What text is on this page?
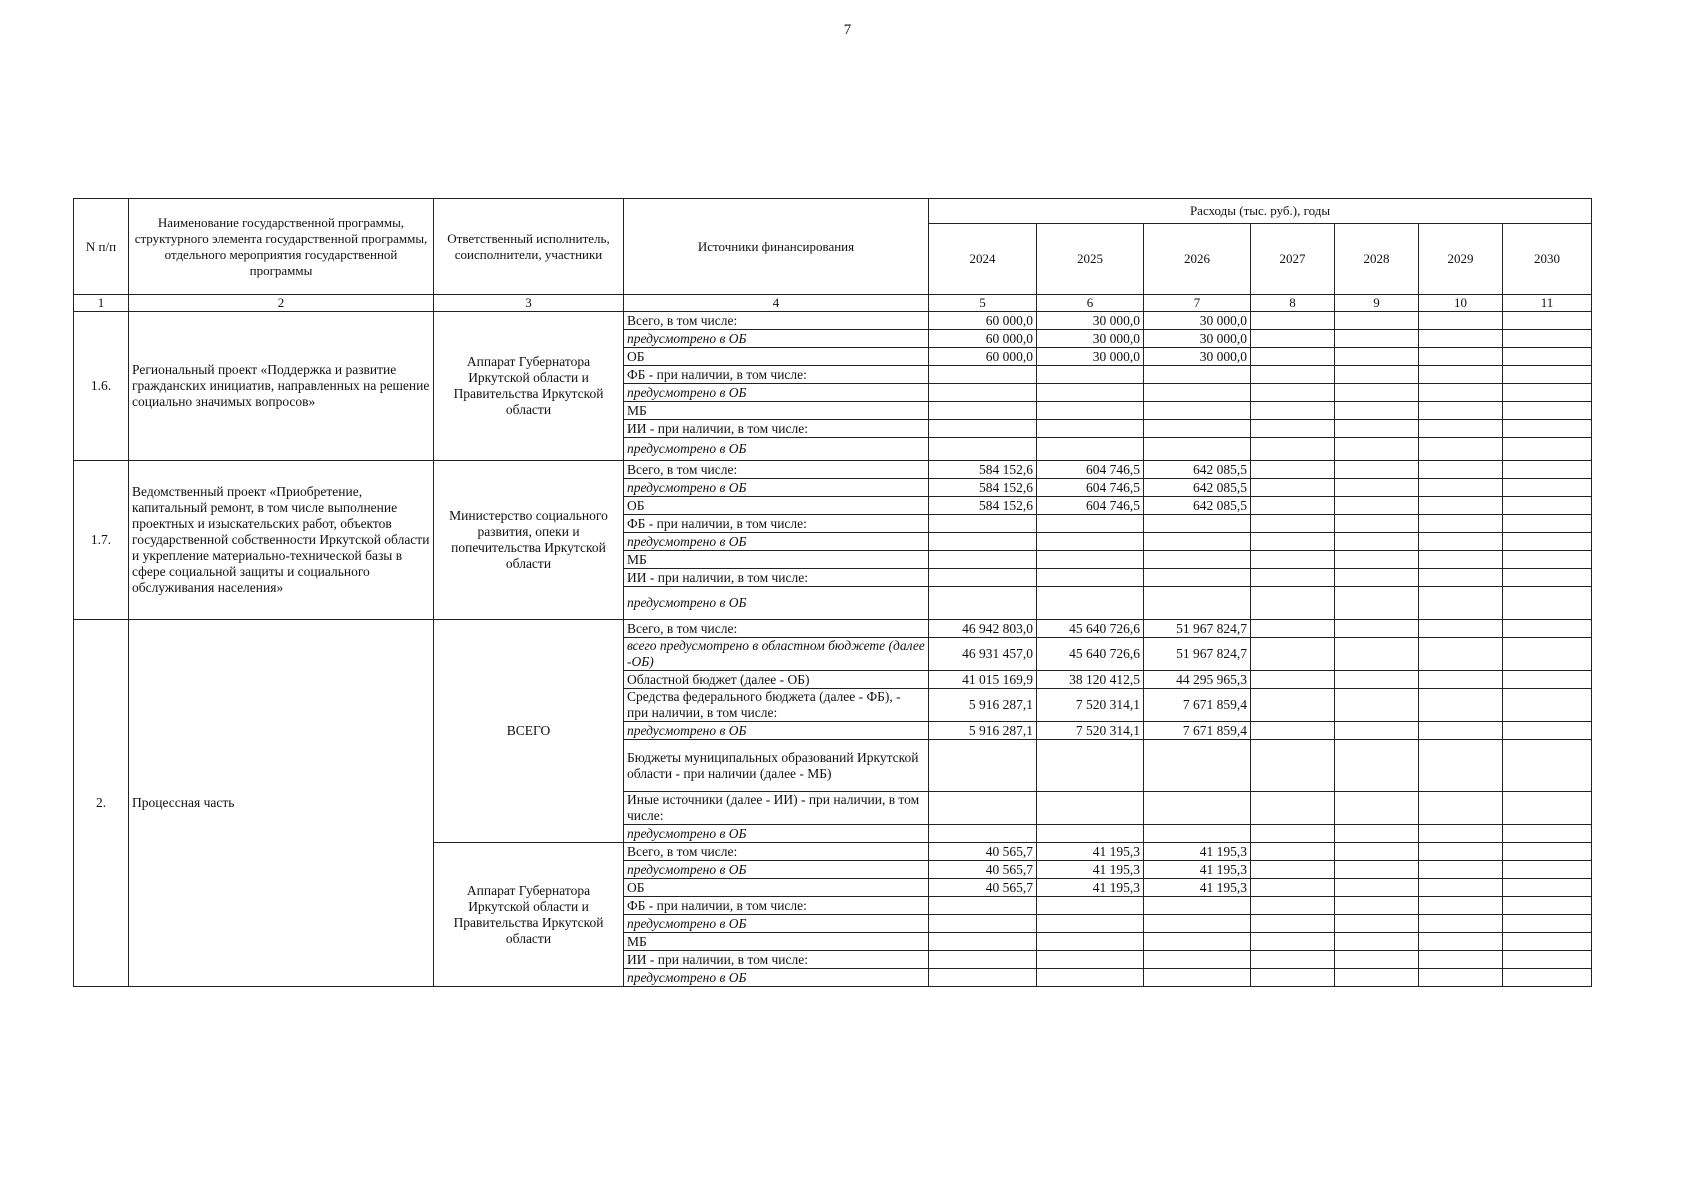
7
N п/п	Наименование государственной программы, структурного элемента государственной программы, отдельного мероприятия государственной программы	Ответственный исполнитель, соисполнители, участники	Источники финансирования	Расходы (тыс. руб.), годы						
				2024	2025	2026	2027	2028	2029	2030
1	2	3	4	5	6	7	8	9	10	11
1.6.	Региональный проект «Поддержка и развитие гражданских инициатив, направленных на решение социально значимых вопросов»	Аппарат Губернатора Иркутской области и Правительства Иркутской области	Всего, в том числе:	60 000,0	30 000,0	30 000,0				
			предусмотрено в ОБ	60 000,0	30 000,0	30 000,0				
			ОБ	60 000,0	30 000,0	30 000,0				
			ФБ - при наличии, в том числе:							
			предусмотрено в ОБ							
			МБ							
			ИИ - при наличии, в том числе:							
			предусмотрено в ОБ							
1.7.	Ведомственный проект «Приобретение, капитальный ремонт, в том числе выполнение проектных и изыскательских работ, объектов государственной собственности Иркутской области и укрепление материально-технической базы в сфере социальной защиты и социального обслуживания населения»	Министерство социального развития, опеки и попечительства Иркутской области	Всего, в том числе:	584 152,6	604 746,5	642 085,5				
			предусмотрено в ОБ	584 152,6	604 746,5	642 085,5				
			ОБ	584 152,6	604 746,5	642 085,5				
			ФБ - при наличии, в том числе:							
			предусмотрено в ОБ							
			МБ							
			ИИ - при наличии, в том числе:							
			предусмотрено в ОБ							
2.	Процессная часть	ВСЕГО	Всего, в том числе:	46 942 803,0	45 640 726,6	51 967 824,7				
			всего предусмотрено в областном бюджете (далее -ОБ)	46 931 457,0	45 640 726,6	51 967 824,7				
			Областной бюджет (далее - ОБ)	41 015 169,9	38 120 412,5	44 295 965,3				
			Средства федерального бюджета (далее - ФБ), - при наличии, в том числе:	5 916 287,1	7 520 314,1	7 671 859,4				
			предусмотрено в ОБ	5 916 287,1	7 520 314,1	7 671 859,4				
			Бюджеты муниципальных образований Иркутской области - при наличии (далее - МБ)							
			Иные источники (далее - ИИ) - при наличии, в том числе:							
			предусмотрено в ОБ							
		Аппарат Губернатора Иркутской области и Правительства Иркутской области	Всего, в том числе:	40 565,7	41 195,3	41 195,3				
			предусмотрено в ОБ	40 565,7	41 195,3	41 195,3				
			ОБ	40 565,7	41 195,3	41 195,3				
			ФБ - при наличии, в том числе:							
			предусмотрено в ОБ							
			МБ							
			ИИ - при наличии, в том числе:							
			предусмотрено в ОБ							
